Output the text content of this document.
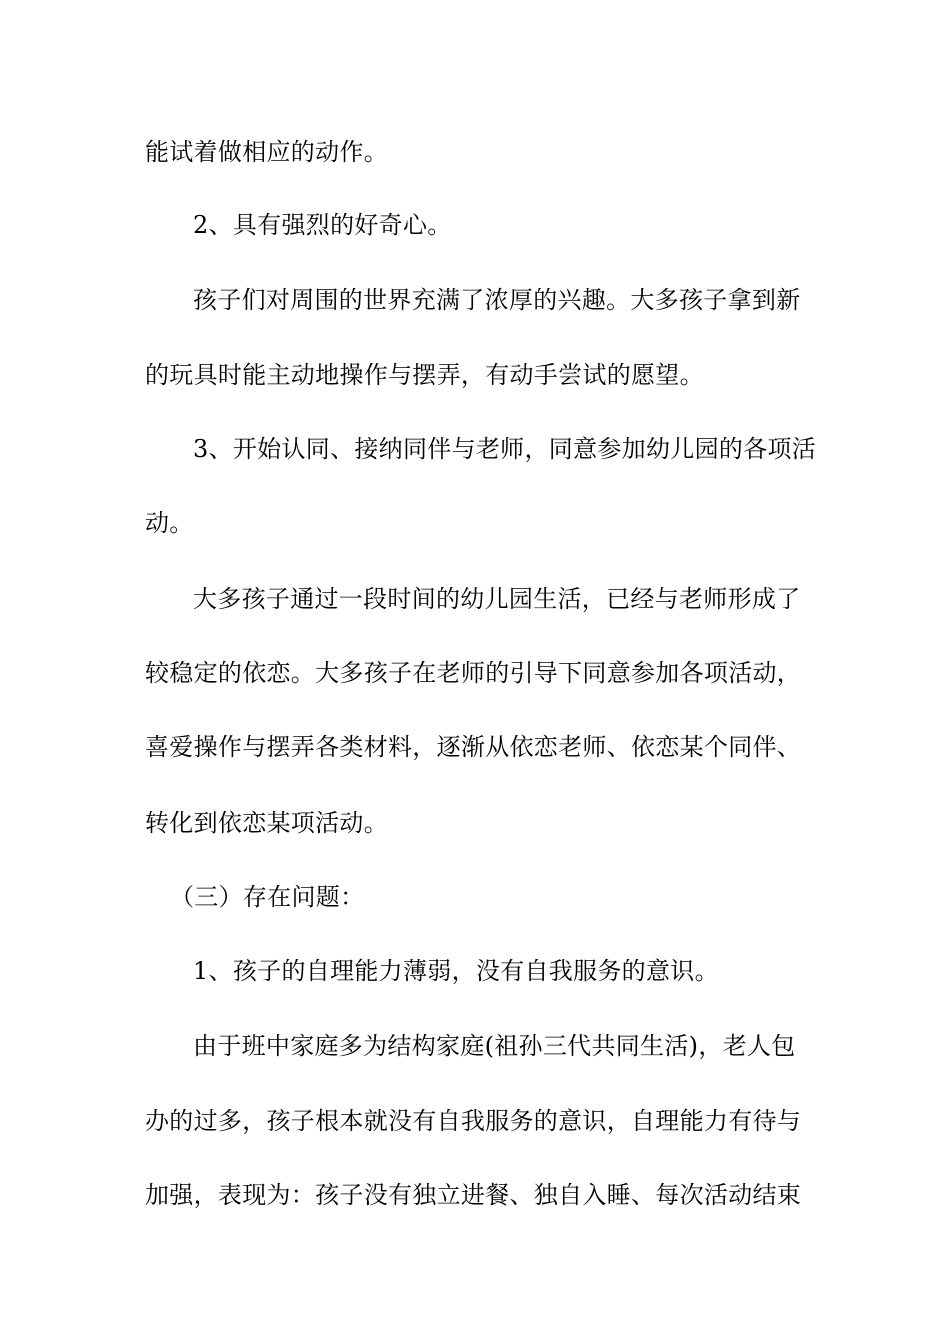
能试着做相应的动作。
2、具有强烈的好奇心。
孩子们对周围的世界充满了浓厚的兴趣。大多孩子拿到新
的玩具时能主动地操作与摆弄，有动手尝试的愿望。
3、开始认同、接纳同伴与老师，同意参加幼儿园的各项活
动。
大多孩子通过一段时间的幼儿园生活，已经与老师形成了
较稳定的依恋。大多孩子在老师的引导下同意参加各项活动，
喜爱操作与摆弄各类材料，逐渐从依恋老师、依恋某个同伴、
转化到依恋某项活动。
（三）存在问题：
1、孩子的自理能力薄弱，没有自我服务的意识。
由于班中家庭多为结构家庭(祖孙三代共同生活)，老人包
办的过多，孩子根本就没有自我服务的意识，自理能力有待与
加强，表现为：孩子没有独立进餐、独自入睡、每次活动结束
